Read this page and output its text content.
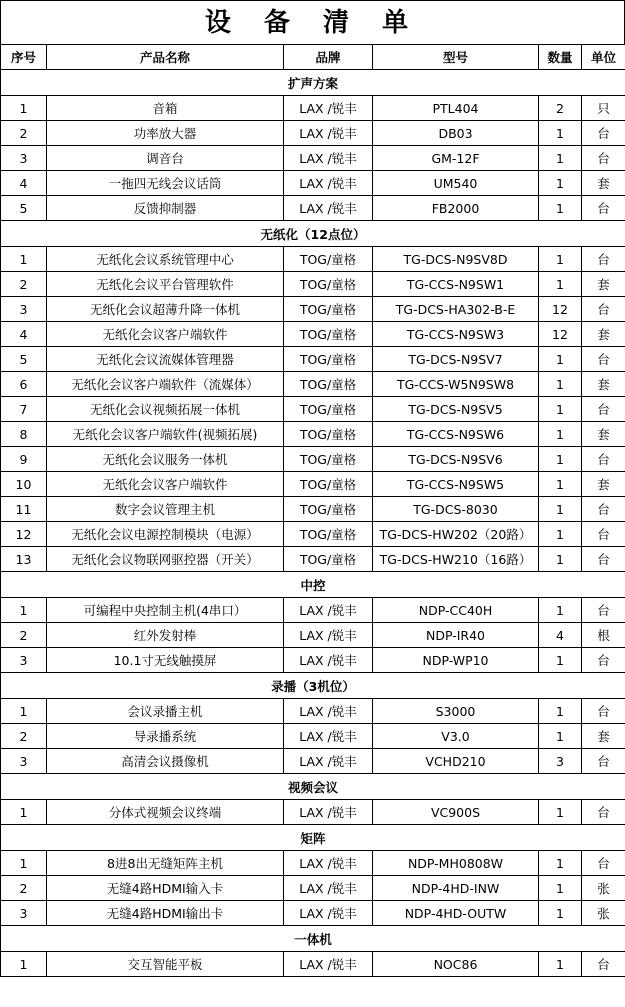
设 备 清 单
序号	产品名称	品牌	型号	数量	单位
扩声方案					
1	音箱	LAX /锐丰	PTL404	2	只
2	功率放大器	LAX /锐丰	DB03	1	台
3	调音台	LAX /锐丰	GM-12F	1	台
4	一拖四无线会议话筒	LAX /锐丰	UM540	1	套
5	反馈抑制器	LAX /锐丰	FB2000	1	台
无纸化（12点位）					
1	无纸化会议系统管理中心	TOG/童格	TG-DCS-N9SV8D	1	台
2	无纸化会议平台管理软件	TOG/童格	TG-CCS-N9SW1	1	套
3	无纸化会议超薄升降一体机	TOG/童格	TG-DCS-HA302-B-E	12	台
4	无纸化会议客户端软件	TOG/童格	TG-CCS-N9SW3	12	套
5	无纸化会议流媒体管理器	TOG/童格	TG-DCS-N9SV7	1	台
6	无纸化会议客户端软件（流媒体）	TOG/童格	TG-CCS-W5N9SW8	1	套
7	无纸化会议视频拓展一体机	TOG/童格	TG-DCS-N9SV5	1	台
8	无纸化会议客户端软件(视频拓展)	TOG/童格	TG-CCS-N9SW6	1	套
9	无纸化会议服务一体机	TOG/童格	TG-DCS-N9SV6	1	台
10	无纸化会议客户端软件	TOG/童格	TG-CCS-N9SW5	1	套
11	数字会议管理主机	TOG/童格	TG-DCS-8030	1	台
12	无纸化会议电源控制模块（电源）	TOG/童格	TG-DCS-HW202（20路）	1	台
13	无纸化会议物联网驱控器（开关）	TOG/童格	TG-DCS-HW210（16路）	1	台
中控					
1	可编程中央控制主机(4串口）	LAX /锐丰	NDP-CC40H	1	台
2	红外发射棒	LAX /锐丰	NDP-IR40	4	根
3	10.1寸无线触摸屏	LAX /锐丰	NDP-WP10	1	台
录播（3机位）					
1	会议录播主机	LAX /锐丰	S3000	1	台
2	导录播系统	LAX /锐丰	V3.0	1	套
3	高清会议摄像机	LAX /锐丰	VCHD210	3	台
视频会议					
1	分体式视频会议终端	LAX /锐丰	VC900S	1	台
矩阵					
1	8进8出无缝矩阵主机	LAX /锐丰	NDP-MH0808W	1	台
2	无缝4路HDMI输入卡	LAX /锐丰	NDP-4HD-INW	1	张
3	无缝4路HDMI输出卡	LAX /锐丰	NDP-4HD-OUTW	1	张
一体机					
1	交互智能平板	LAX /锐丰	NOC86	1	台
